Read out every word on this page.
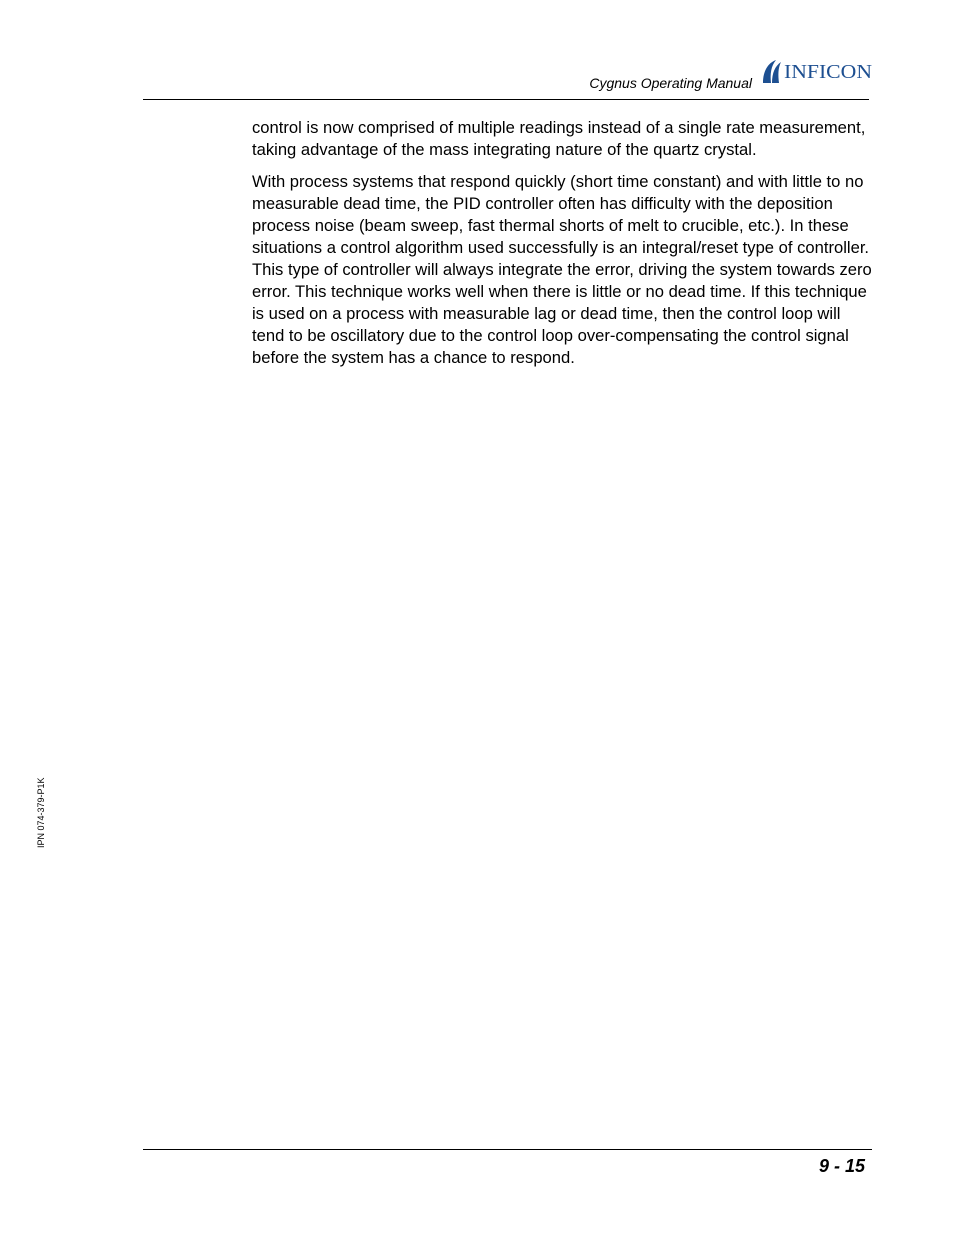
Cygnus Operating Manual INFICON

control is now comprised of multiple readings instead of a single rate measurement, taking advantage of the mass integrating nature of the quartz crystal.

With process systems that respond quickly (short time constant) and with little to no measurable dead time, the PID controller often has difficulty with the deposition process noise (beam sweep, fast thermal shorts of melt to crucible, etc.). In these situations a control algorithm used successfully is an integral/reset type of controller. This type of controller will always integrate the error, driving the system towards zero error. This technique works well when there is little or no dead time. If this technique is used on a process with measurable lag or dead time, then the control loop will tend to be oscillatory due to the control loop over-compensating the control signal before the system has a chance to respond.

IPN 074-379-P1K
9 - 15
